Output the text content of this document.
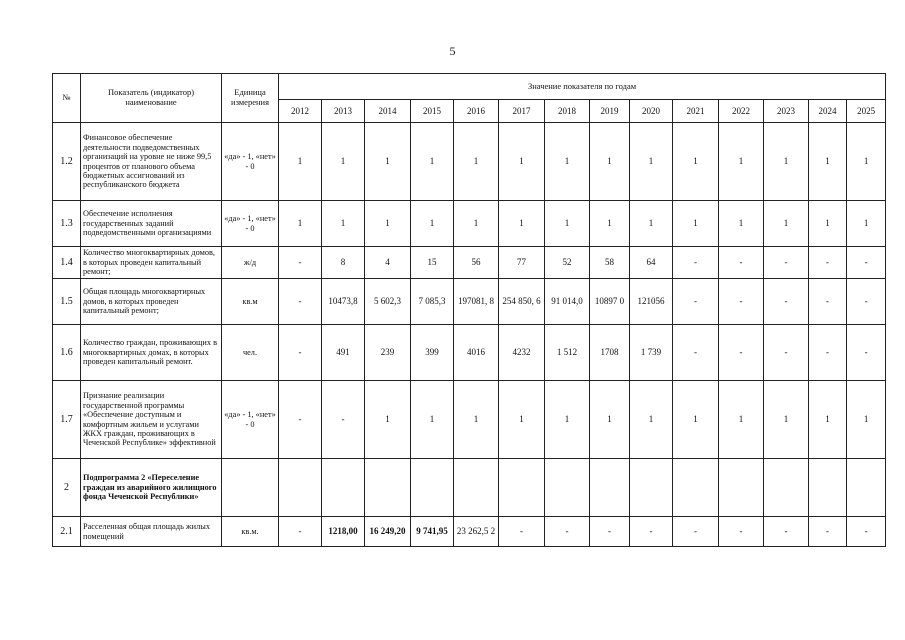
5
№	Показатель (индикатор) наименование	Единица измерения	Значение показателя по годам													
			2012	2013	2014	2015	2016	2017	2018	2019	2020	2021	2022	2023	2024	2025
1.2	Финансовое обеспечение деятельности подведомственных организаций на уровне не ниже 99,5 процентов от планового объема бюджетных ассигнований из республиканского бюджета	«да» - 1, «нет» - 0	1	1	1	1	1	1	1	1	1	1	1	1	1	1
1.3	Обеспечение исполнения государственных заданий подведомственными организациями	«да» - 1, «нет» - 0	1	1	1	1	1	1	1	1	1	1	1	1	1	1
1.4	Количество многоквартирных домов, в которых проведен капитальный ремонт;	ж/д	-	8	4	15	56	77	52	58	64	-	-	-	-	-
1.5	Общая площадь многоквартирных домов, в которых проведен капитальный ремонт;	кв.м	-	10473,8	5 602,3	7 085,3	197081, 8	254 850, 6	91 014,0	10897 0	121056	-	-	-	-	-
1.6	Количество граждан, проживающих в многоквартирных домах, в которых проведен капитальный ремонт.	чел.	-	491	239	399	4016	4232	1 512	1708	1 739	-	-	-	-	-
1.7	Признание реализации государственной программы «Обеспечение доступным и комфортным жильем и услугами ЖКХ граждан, проживающих в Чеченской Республике» эффективной	«да» - 1, «нет» - 0	-	-	1	1	1	1	1	1	1	1	1	1	1	1
2	Подпрограмма 2 «Переселение граждан из аварийного жилищного фонда Чеченской Республики»															
2.1	Расселенная общая площадь жилых помещений	кв.м.	-	1218,00	16 249,20	9 741,95	23 262,5 2	-	-	-	-	-	-	-	-	-
